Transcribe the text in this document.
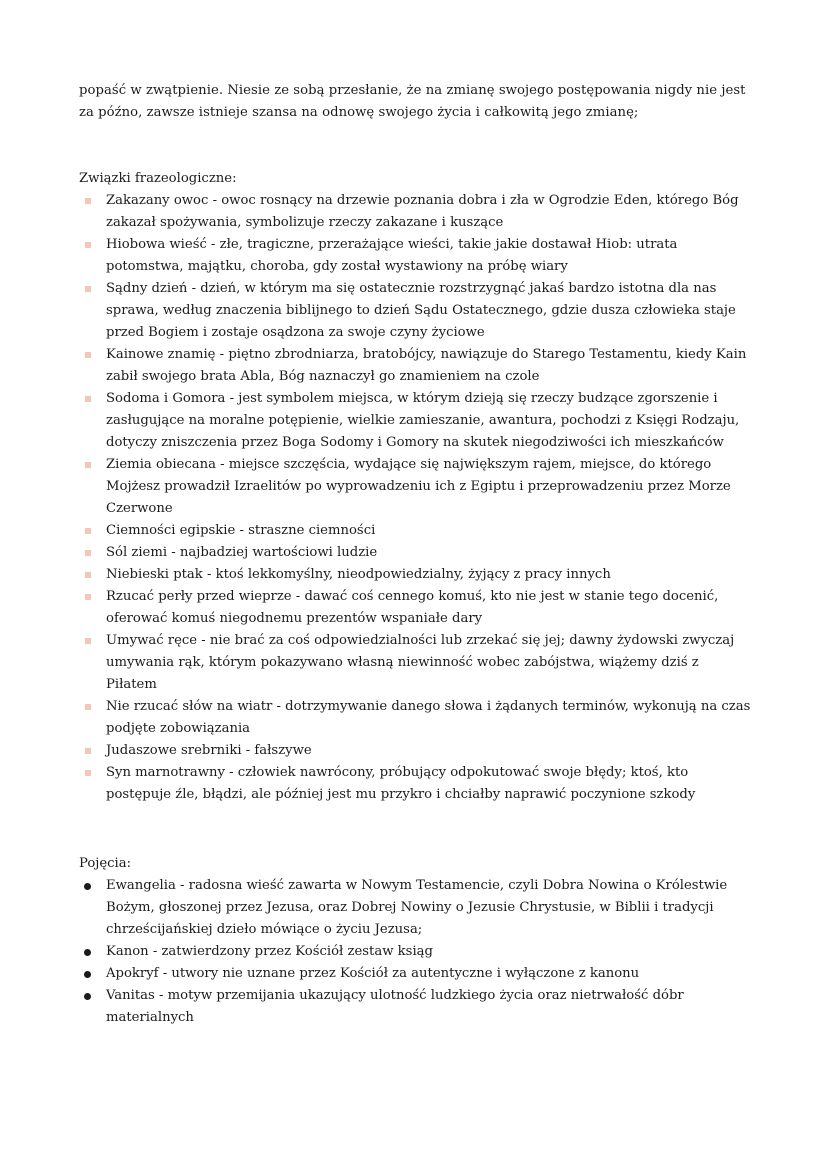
popaść w zwątpienie. Niesie ze sobą przesłanie, że na zmianę swojego postępowania nigdy nie jest za późno, zawsze istnieje szansa na odnowę swojego życia i całkowitą jego zmianę;

Związki frazeologiczne:
Zakazany owoc - owoc rosnący na drzewie poznania dobra i zła w Ogrodzie Eden, którego Bóg zakazał spożywania, symbolizuje rzeczy zakazane i kuszące
Hiobowa wieść - złe, tragiczne, przerażające wieści, takie jakie dostawał Hiob: utrata potomstwa, majątku, choroba, gdy został wystawiony na próbę wiary
Sądny dzień - dzień, w którym ma się ostatecznie rozstrzygnąć jakaś bardzo istotna dla nas sprawa, według znaczenia biblijnego to dzień Sądu Ostatecznego, gdzie dusza człowieka staje przed Bogiem i zostaje osądzona za swoje czyny życiowe
Kainowe znamię - piętno zbrodniarza, bratobójcy, nawiązuje do Starego Testamentu, kiedy Kain zabił swojego brata Abla, Bóg naznaczył go znamieniem na czole
Sodoma i Gomora - jest symbolem miejsca, w którym dzieją się rzeczy budzące zgorszenie i zasługujące na moralne potępienie, wielkie zamieszanie, awantura, pochodzi z Księgi Rodzaju, dotyczy zniszczenia przez Boga Sodomy i Gomory na skutek niegodziwości ich mieszkańców
Ziemia obiecana - miejsce szczęścia, wydające się największym rajem, miejsce, do którego Mojżesz prowadził Izraelitów po wyprowadzeniu ich z Egiptu i przeprowadzeniu przez Morze Czerwone
Ciemności egipskie - straszne ciemności
Sól ziemi - najbadziej wartościowi ludzie
Niebieski ptak - ktoś lekkomyślny, nieodpowiedzialny, żyjący z pracy innych
Rzucać perły przed wieprze - dawać coś cennego komuś, kto nie jest w stanie tego docenić, oferować komuś niegodnemu prezentów wspaniałe dary
Umywać ręce - nie brać za coś odpowiedzialności lub zrzekać się jej; dawny żydowski zwyczaj umywania rąk, którym pokazywano własną niewinność wobec zabójstwa, wiążemy dziś z Piłatem
Nie rzucać słów na wiatr - dotrzymywanie danego słowa i żądanych terminów, wykonują na czas podjęte zobowiązania
Judaszowe srebrniki - fałszywe
Syn marnotrawny - człowiek nawrócony, próbujący odpokutować swoje błędy; ktoś, kto postępuje źle, błądzi, ale później jest mu przykro i chciałby naprawić poczynione szkody
Pojęcia:
Ewangelia - radosna wieść zawarta w Nowym Testamencie, czyli Dobra Nowina o Królestwie Bożym, głoszonej przez Jezusa, oraz Dobrej Nowiny o Jezusie Chrystusie, w Biblii i tradycji chrześcijańskiej dzieło mówiące o życiu Jezusa;
Kanon - zatwierdzony przez Kościół zestaw ksiąg
Apokryf - utwory nie uznane przez Kościół za autentyczne i wyłączone z kanonu
Vanitas - motyw przemijania ukazujący ulotność ludzkiego życia oraz nietrwałość dóbr materialnych
